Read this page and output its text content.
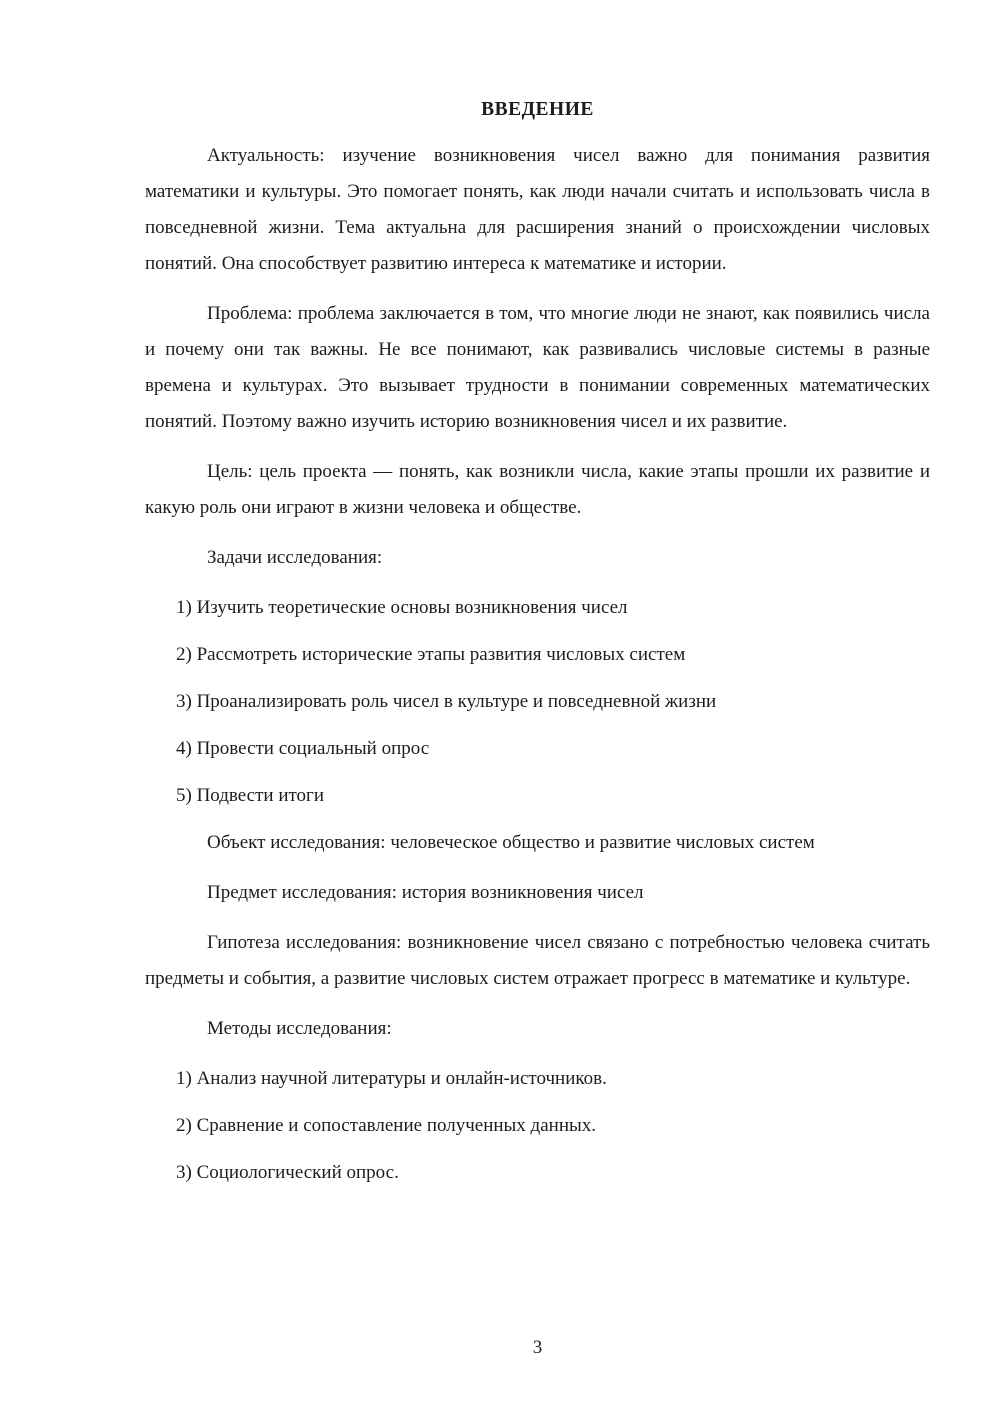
ВВЕДЕНИЕ

Актуальность: изучение возникновения чисел важно для понимания развития математики и культуры. Это помогает понять, как люди начали считать и использовать числа в повседневной жизни. Тема актуальна для расширения знаний о происхождении числовых понятий. Она способствует развитию интереса к математике и истории.

Проблема: проблема заключается в том, что многие люди не знают, как появились числа и почему они так важны. Не все понимают, как развивались числовые системы в разные времена и культурах. Это вызывает трудности в понимании современных математических понятий. Поэтому важно изучить историю возникновения чисел и их развитие.

Цель: цель проекта — понять, как возникли числа, какие этапы прошли их развитие и какую роль они играют в жизни человека и обществе.

Задачи исследования:

1) Изучить теоретические основы возникновения чисел

2) Рассмотреть исторические этапы развития числовых систем

3) Проанализировать роль чисел в культуре и повседневной жизни

4) Провести социальный опрос

5) Подвести итоги

Объект исследования: человеческое общество и развитие числовых систем

Предмет исследования: история возникновения чисел

Гипотеза исследования: возникновение чисел связано с потребностью человека считать предметы и события, а развитие числовых систем отражает прогресс в математике и культуре.

Методы исследования:

1) Анализ научной литературы и онлайн-источников.

2) Сравнение и сопоставление полученных данных.

3) Социологический опрос.

3
